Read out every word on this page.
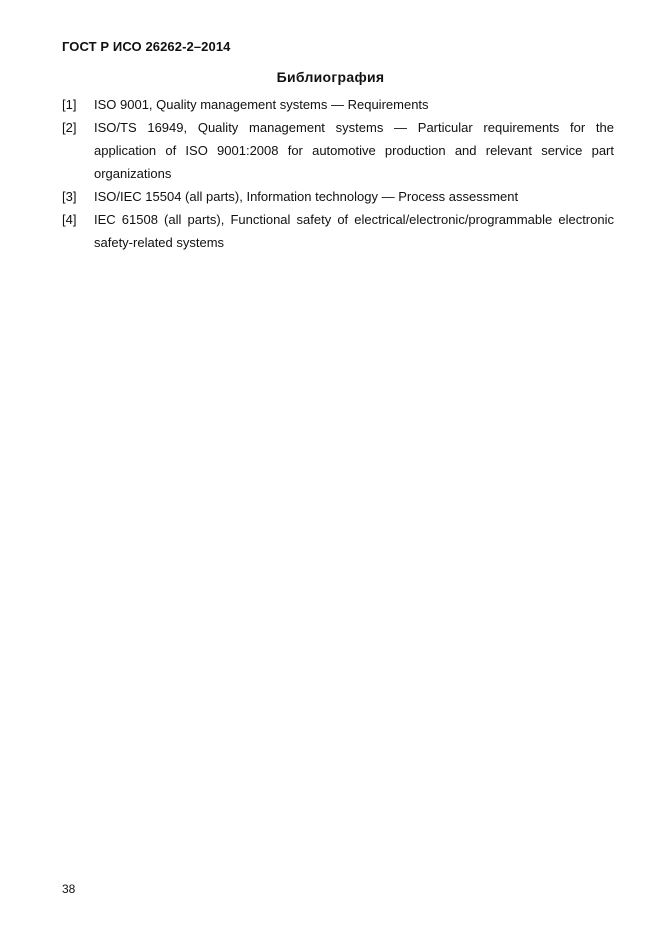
ГОСТ Р ИСО 26262-2–2014
Библиография
[1]	ISO 9001, Quality management systems — Requirements
[2]	ISO/TS 16949, Quality management systems — Particular requirements for the application of ISO 9001:2008 for automotive production and relevant service part organizations
[3]	ISO/IEC 15504 (all parts), Information technology — Process assessment
[4]	IEC 61508 (all parts), Functional safety of electrical/electronic/programmable electronic safety-related systems
38
